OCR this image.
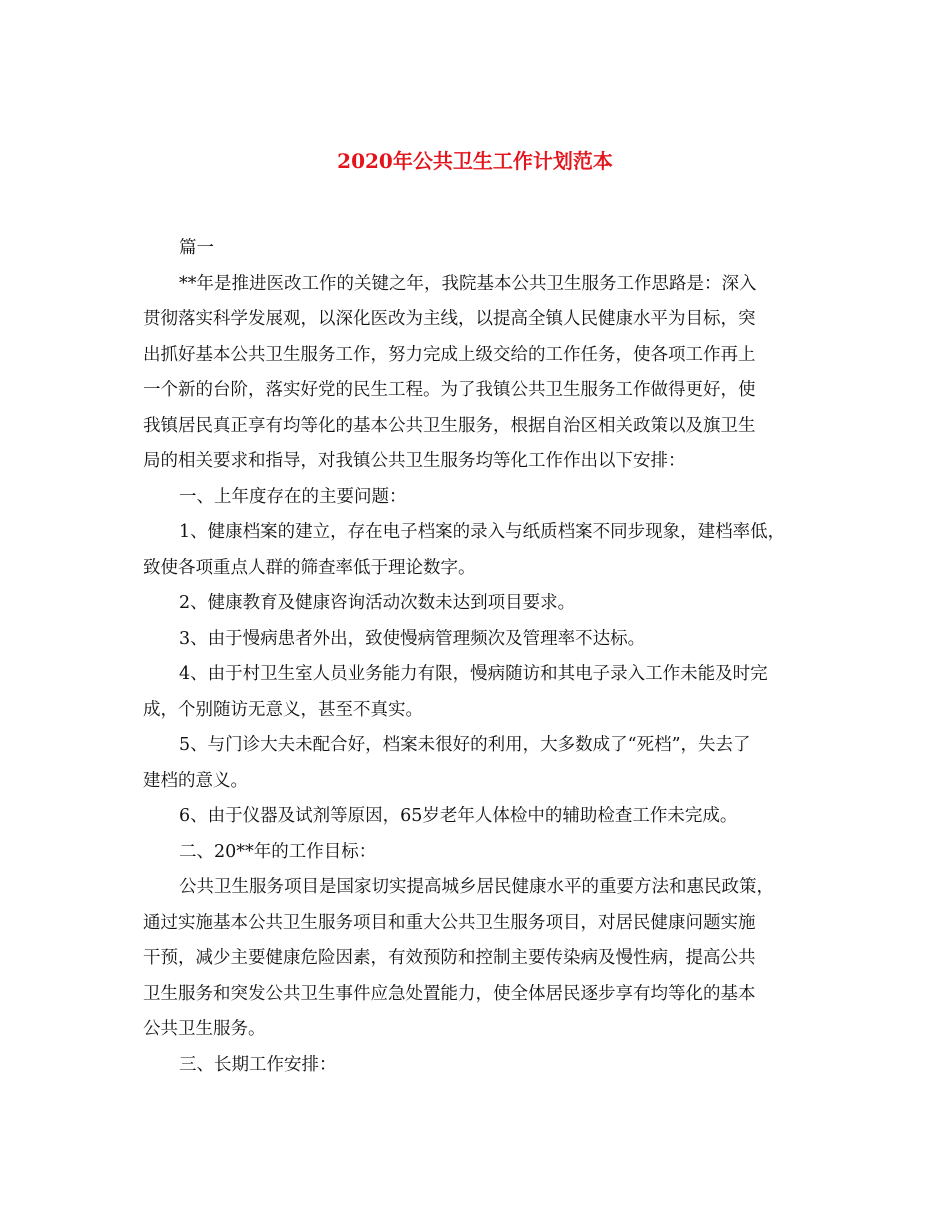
2020年公共卫生工作计划范本
篇一
**年是推进医改工作的关键之年，我院基本公共卫生服务工作思路是：深入
贯彻落实科学发展观，以深化医改为主线，以提高全镇人民健康水平为目标，突
出抓好基本公共卫生服务工作，努力完成上级交给的工作任务，使各项工作再上
一个新的台阶，落实好党的民生工程。为了我镇公共卫生服务工作做得更好，使
我镇居民真正享有均等化的基本公共卫生服务，根据自治区相关政策以及旗卫生
局的相关要求和指导，对我镇公共卫生服务均等化工作作出以下安排：
一、上年度存在的主要问题：
1、健康档案的建立，存在电子档案的录入与纸质档案不同步现象，建档率低，
致使各项重点人群的筛查率低于理论数字。
2、健康教育及健康咨询活动次数未达到项目要求。
3、由于慢病患者外出，致使慢病管理频次及管理率不达标。
4、由于村卫生室人员业务能力有限，慢病随访和其电子录入工作未能及时完
成，个别随访无意义，甚至不真实。
5、与门诊大夫未配合好，档案未很好的利用，大多数成了“死档”，失去了
建档的意义。
6、由于仪器及试剂等原因，65岁老年人体检中的辅助检查工作未完成。
二、20**年的工作目标：
公共卫生服务项目是国家切实提高城乡居民健康水平的重要方法和惠民政策，
通过实施基本公共卫生服务项目和重大公共卫生服务项目，对居民健康问题实施
干预，减少主要健康危险因素，有效预防和控制主要传染病及慢性病，提高公共
卫生服务和突发公共卫生事件应急处置能力，使全体居民逐步享有均等化的基本
公共卫生服务。
三、长期工作安排：
